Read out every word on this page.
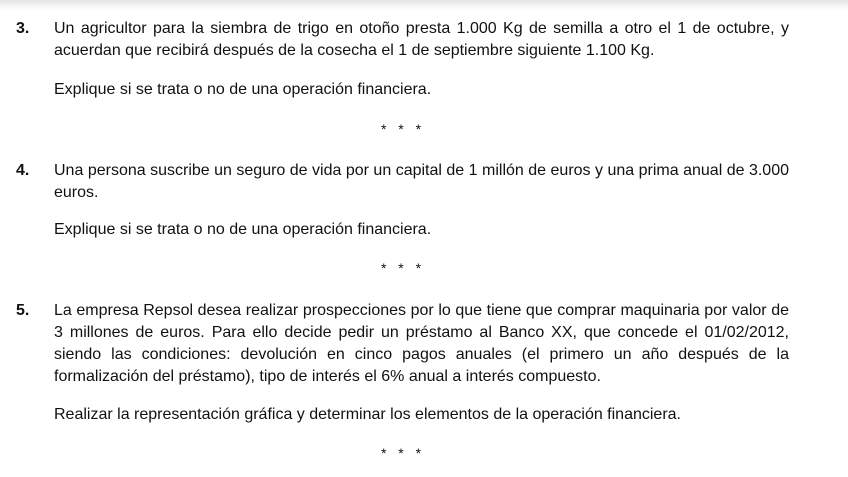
3. Un agricultor para la siembra de trigo en otoño presta 1.000 Kg de semilla a otro el 1 de octubre, y acuerdan que recibirá después de la cosecha el 1 de septiembre siguiente 1.100 Kg.
Explique si se trata o no de una operación financiera.
* * *
4. Una persona suscribe un seguro de vida por un capital de 1 millón de euros y una prima anual de 3.000 euros.
Explique si se trata o no de una operación financiera.
* * *
5. La empresa Repsol desea realizar prospecciones por lo que tiene que comprar maquinaria por valor de 3 millones de euros. Para ello decide pedir un préstamo al Banco XX, que concede el 01/02/2012, siendo las condiciones: devolución en cinco pagos anuales (el primero un año después de la formalización del préstamo), tipo de interés el 6% anual a interés compuesto.
Realizar la representación gráfica y determinar los elementos de la operación financiera.
* * *
